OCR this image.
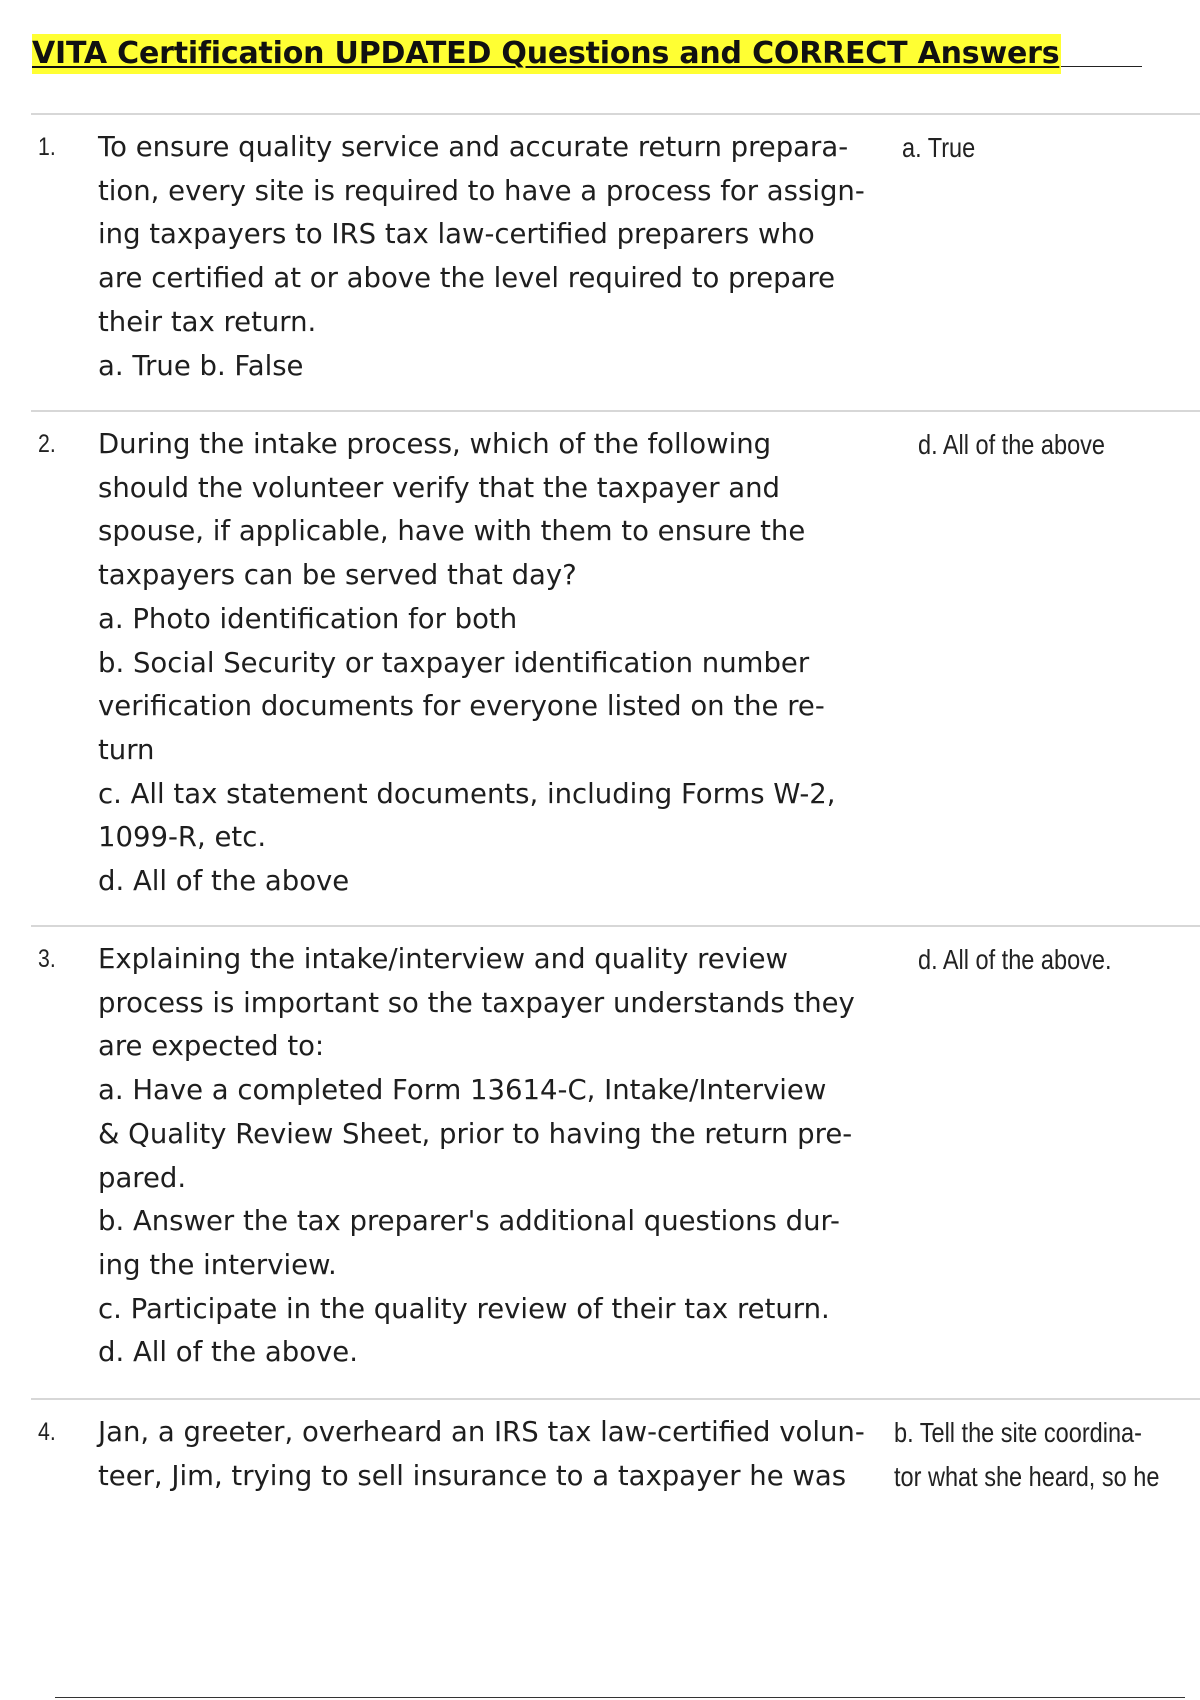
VITA Certification UPDATED Questions and CORRECT Answers
1. To ensure quality service and accurate return prepara-
tion, every site is required to have a process for assign-
ing taxpayers to IRS tax law-certified preparers who
are certified at or above the level required to prepare
their tax return.
a. True b. False
a. True
2. During the intake process, which of the following
should the volunteer verify that the taxpayer and
spouse, if applicable, have with them to ensure the
taxpayers can be served that day?
a. Photo identification for both
b. Social Security or taxpayer identification number
verification documents for everyone listed on the re-
turn
c. All tax statement documents, including Forms W-2,
1099-R, etc.
d. All of the above
d. All of the above
3. Explaining the intake/interview and quality review
process is important so the taxpayer understands they
are expected to:
a. Have a completed Form 13614-C, Intake/Interview
& Quality Review Sheet, prior to having the return pre-
pared.
b. Answer the tax preparer's additional questions dur-
ing the interview.
c. Participate in the quality review of their tax return.
d. All of the above.
d. All of the above.
4. Jan, a greeter, overheard an IRS tax law-certified volun-
teer, Jim, trying to sell insurance to a taxpayer he was
b. Tell the site coordina-
tor what she heard, so he
